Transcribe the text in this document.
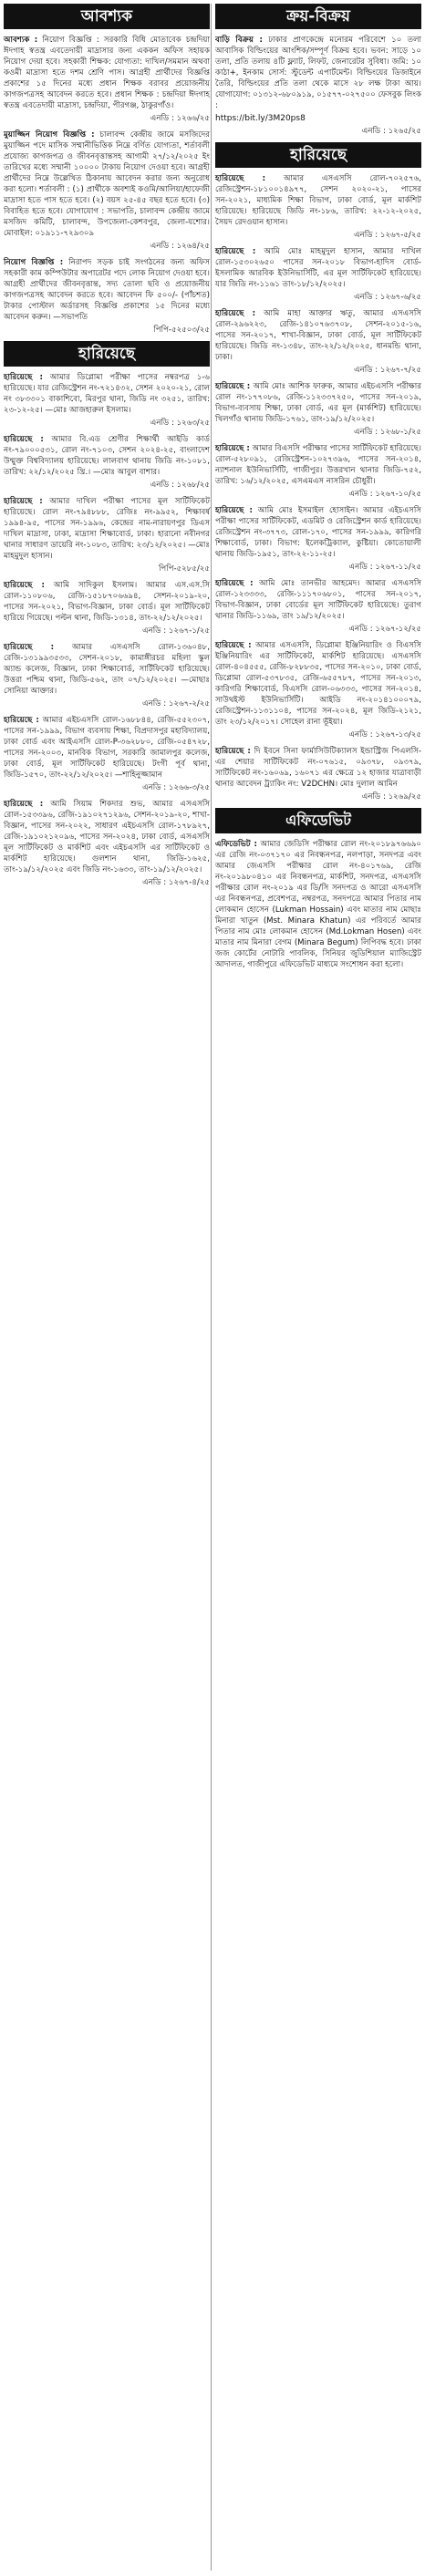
আবশ্যক

আবশ্যক : নিয়োগ বিজ্ঞপ্তি : সরকারি বিধি মোতাবেক চন্দ্রদিয়া ঈদগাহ স্বতন্ত্র এবতেদায়ী মাদ্রাসার জন্য এককন অফিস সহায়ক নিয়োগ দেয়া হবে। সহকারী শিক্ষক: যোগ্যতা: দাখিল/সমমান অথবা কওমী মাদ্রাসা হতে দশম শ্রেণি পাস। আগ্রহী প্রার্থীদের বিজ্ঞপ্তি প্রকাশের ১৫ দিনের মধ্যে প্রধান শিক্ষক বরাবর প্রয়োজনীয় কাগজপত্রসহ আবেদন করতে হবে। প্রধান শিক্ষক : চন্দ্রদিয়া ঈদগাহ স্বতন্ত্র এবতেদায়ী মাদ্রাসা, চন্দ্রদিয়া, পীরগঞ্জ, ঠাকুরগাঁও।

এনডি : ১২৬৬/২৫

মুয়াজ্জিন নিয়োগ বিজ্ঞপ্তি : চালাবন্দ কেন্দ্রীয় জামে মসজিদের মুয়াজ্জিন পদে মাসিক সম্মানীভিত্তিক নিম্নে বর্ণিত যোগ্যতা, শর্তাবলী প্রযোজ্য কাগজপত্র ও জীবনবৃত্তান্তসহ আগামী ২৭/১২/২০২৫ ইং তারিখের মধ্যে সম্মানী ১০০০০ টাকায় নিয়োগ দেওয়া হবে। আগ্রহী প্রার্থীদের নিম্নে উল্লেখিত ঠিকানায় আবেদন করার জন্য অনুরোধ করা হলো। শর্তাবলী : (১) প্রার্থীকে অবশ্যই কওমি/আলিয়া/হাফেজী মাদ্রাসা হতে পাস হতে হবে। (২) বয়স ২৫-৪৫ বছর হতে হবে। (৩) বিবাহিত হতে হবে। যোগাযোগ : সভাপতি, চালাবন্দ কেন্দ্রীয় জামে মসজিদ কমিটি, চালাবন্দ, উপজেলা-কেশবপুর, জেলা-যশোর। মোবাইল: ০১৯১১-৭২৯৩০৯

এনডি : ১২৬৪/২৫

নিয়োগ বিজ্ঞপ্তি : নিরাপদ সড়ক চাই সংগঠনের জন্য অফিস সহকারী কাম কম্পিউটার অপারেটর পদে লোক নিয়োগ দেওয়া হবে। আগ্রহী প্রার্থীদের জীবনবৃত্তান্ত, সদ্য তোলা ছবি ও প্রয়োজনীয় কাগজপত্রসহ আবেদন করতে হবে। আবেদন ফি ৫০০/- (পাঁচশত) টাকার পোস্টাল অর্ডারসহ বিজ্ঞপ্তি প্রকাশের ১৫ দিনের মধ্যে আবেদন করুন। —সভাপতি

পিপি-৫২৫০৩/২৫
হারিয়েছে

হারিয়েছে : আমার ডিপ্লোমা পরীক্ষা পাসের নম্বরপত্র ১-৬ হারিয়েছে। যার রেজিস্ট্রেশন নং-৭২১৪৩২, সেশন ২০২০-২১, রোল নং ৩৮৩৩০১ বাকাশিবো, মিরপুর থানা, জিডি নং ৩২৫১, তারিখ: ২৩-১২-২৫। —মোঃ আজহারুল ইসলাম।

এনডি : ১২৬৩/২৫

হারিয়েছে : আমার বি.এড শ্রেণীর শিক্ষার্থী আইডি কার্ড নং-৭৯০০০৫৩১, রোল নং-৭১০৩, সেশন ২০২৪-২৫, বাংলাদেশ উন্মুক্ত বিশ্ববিদ্যালয় হারিয়েছে। লালবাগ থানায় জিডি নং-১০৮১, তারিখ: ২২/১২/২০২৫ খ্রি.। —মোঃ আবুল বাশার।

এনডি : ১২৬৮/২৫

হারিয়েছে : আমার দাখিল পরীক্ষা পাসের মূল সার্টিফিকেট হারিয়েছে। রোল নং-৭৯৪৮৮৮, রেজিঃ নং-৯৯৫২, শিক্ষাবর্ষ ১৯৯৪-৯৫, পাসের সন-১৯৯৬, কেন্দ্রের নাম-নারায়ণপুর ডিএস দাখিল মাদ্রাসা, ঢাকা, মাদ্রাসা শিক্ষাবোর্ড, ঢাকা। হারানো নবীনগর থানার সাধারণ ডায়েরি নং-১০৮৩, তারিখ: ২৩/১২/২০২৫। —মোঃ মাহমুদুল হাসান।

পিপি-৫২৮৫/২৫

হারিয়েছে : আমি সাদিকুল ইসলাম। আমার এস.এস.সি রোল-১১০৮০৬, রেজি-১৫১৮৭০৬৬৯৪, সেশন-২০১৯-২০, পাসের সন-২০২১, বিভাগ-বিজ্ঞান, ঢাকা বোর্ড। মূল সার্টিফিকেট হারিয়ে গিয়েছে। পল্টন থানা, জিডি-১৩১৪, তাং-২২/১২/২০২৫।

এনডি : ১২৬৭-১/২৫

হারিয়েছে : আমার এসএসসি রোল-১৩৬০৪৮, রেজি-১৩১৯৯৩৫৩৩, সেশন-২০১৮, কামাঙ্গীরচর মহিলা স্কুল অ্যান্ড কলেজ, বিজ্ঞান, ঢাকা শিক্ষাবোর্ড, সার্টিফিকেট হারিয়েছে। উত্তরা পশ্চিম থানা, জিডি-৫৬২, তাং ০৭/১২/২০২৫। —মোছাঃ সোনিয়া আক্তার।

এনডি : ১২৬৭-২/২৫

হারিয়েছে : আমার এইচএসসি রোল-১৬৮৮৪৪, রেজি-৫৫২৩০৭, পাসের সন-১৯৯৯, বিভাগ ব্যবসায় শিক্ষা, বিপ্রদাসপুর মহাবিদ্যালয়, ঢাকা বোর্ড এবং আইএসসি রোল-P-৩৬২৮৮০, রেজি-০৫৪৭২৮, পাসের সন-২০০৩, মানবিক বিভাগ, সরকারি জামালপুর কলেজ, ঢাকা বোর্ড, মূল সার্টিফিকেট হারিয়েছে। টংগী পূর্ব থানা, জিডি-১৫৭০, তাং-২২/১২/২০২৫। —শাহিনুজ্জামান

এনডি : ১২৬৬-৩/২৫

হারিয়েছে : আমি সিয়াম শিকদার শুভ, আমার এসএসসি রোল-১৫৩৩৯৬, রেজি-১৯১০২৭১২৯৬, সেশন-২০১৯-২০, শাখা-বিজ্ঞান, পাসের সন-২০২২, সাধারণ এইচএসসি রোল-১৭৮৯২৭, রেজি-১৯১০২১২০৯৬, পাসের সন-২০২৪, ঢাকা বোর্ড, এসএসসি মূল সার্টিফিকেট ও মার্কশিট এবং এইচএসসি এর সার্টিফিকেট ও মার্কশিট হারিয়েছে। গুলশান থানা, জিডি-১৬২৫, তাং-১৯/১২/২০২৫ এবং জিডি নং-১৬৩৩, তাং-১৯/১২/২০২৫।

এনডি : ১২৬৭-৪/২৫
ক্রয়-বিক্রয়

বাড়ি বিক্রয় : ঢাকার প্রাণকেন্দ্রে মনোরম পরিবেশে ১০ তলা আবাসিক বিল্ডিংয়ের আংশিক/সম্পূর্ণ বিক্রয় হবে। ভবন: সাড়ে ১০ তলা, প্রতি তলায় ৪টি ফ্ল্যাট, লিফট, জেনারেটর সুবিধা। জমি: ১০ কাঠা+, ইনকাম সোর্স: স্টুডেন্ট এপার্টমেন্ট। বিল্ডিংয়ের ডিজাইনে তৈরি, বিল্ডিংয়ের প্রতি তলা থেকে মাসে ২৮ লক্ষ টাকা আয়। যোগাযোগ: ০১৩১২-৬৮০৯১৯, ০১৫৭৭-০২৭৫০০ ফেসবুক লিংক :

https://bit.ly/3M20ps8
এনডি : ১২৬৫/২৫
হারিয়েছে

হারিয়েছে : আমার এসএসসি রোল-৭০২৫৭৬, রেজিস্ট্রেশন-১৮১০০১৪৯৭৭, সেশন ২০২০-২১, পাসের সন-২০২১, মাধ্যমিক শিক্ষা বিভাগ, ঢাকা বোর্ড, মূল মার্কশিট হারিয়েছে। হারিয়েছে জিডি নং-১৮৬, তারিখ: ২২-১২-২০২৫, সৈয়দ রেদওয়ান হাসান।

এনডি : ১২৬৭-৫/২৫

হারিয়েছে : আমি মোঃ মাহমুদুল হাসান, আমার দাখিল রোল-১৫৩০২৬৫০ পাসের সন-২০১৮ বিভাগ-হাদিস বোর্ড-ইসলামিক আরবিক ইউনিভার্সিটি, এর মূল সার্টিফিকেট হারিয়েছে। যার জিডি নং-১১৬১ তাং-১৮/১২/২০২৫।

এনডি : ১২৬৭-৬/২৫

হারিয়েছে : আমি মাহা আক্তার ঋতু, আমার এসএসসি রোল-২৯৬২২৩, রেজি-১৪১০৭৬৩৭০৮, সেশন-২০১৫-১৬, পাসের সন-২০১৭, শাখা-বিজ্ঞান, ঢাকা বোর্ড, মূল সার্টিফিকেট হারিয়েছে। জিডি নং-১৩৪৮, তাং-২২/১২/২০২৫, ধানমন্ডি থানা, ঢাকা।

এনডি : ১২৬৭-৭/২৫

হারিয়েছে : আমি মোঃ আশিক ফারুক, আমার এইচএসসি পরীক্ষার রোল নং-১৭৭০৮৬, রেজি-১১২৩৩৭২৫০, পাসের সন-২০১৯, বিভাগ-ব্যবসায় শিক্ষা, ঢাকা বোর্ড, এর মূল (মার্কশিট) হারিয়েছে। খিলগাঁও থানায় জিডি-১৭৬১, তাং-১৯/১২/২০২৫।

এনডি : ১২৬৮-১/২৫

হারিয়েছে : আমার বিএসসি পরীক্ষার পাসের সার্টিফিকেট হারিয়েছে। রোল-৫২৮০৯১, রেজিস্ট্রেশন-১০২৭৩৯৬, পাসের সন-২০১৪, ন্যাশনাল ইউনিভার্সিটি, গাজীপুর। উত্তরখান থানার জিডি-৭৫২, তারিখ: ১৬/১২/২০২৫, এসএমএস নাসরিন চৌধুরী।

এনডি : ১২৬৭-১০/২৫

হারিয়েছে : আমি মোঃ ইসমাইল হোসাইন। আমার এইচএসসি পরীক্ষা পাসের সার্টিফিকেট, এডমিট ও রেজিস্ট্রেশন কার্ড হারিয়েছে। রেজিস্ট্রেশন নং-৩৭৭৩, রোল-১৭০, পাসের সন-১৯৯৯, কারিগরি শিক্ষাবোর্ড, ঢাকা। বিভাগ: ইলেকট্রিক্যাল, কুষ্টিয়া। কোতোয়ালী থানায় জিডি-১৯৫১, তাং-২২-১১-২৫।

এনডি : ১২৬৭-১১/২৫

হারিয়েছে : আমি মোঃ তানভীর আহমেদ। আমার এসএসসি রোল-১২৩৩৩৩, রেজি-১১১৭০৬৮০১, পাসের সন-২০১৭, বিভাগ-বিজ্ঞান, ঢাকা বোর্ডের মূল সার্টিফিকেট হারিয়েছে। তুরাগ থানার জিডি-১১৬৯, তাং ১৯/১২/২০২৫।

এনডি : ১২৬৭-১২/২৫

হারিয়েছে : আমার এসএসসি, ডিপ্লোমা ইঞ্জিনিয়ারিং ও বিএসসি ইঞ্জিনিয়ারিং এর সার্টিফিকেট, মার্কশিট হারিয়েছে। এসএসসি রোল-৪০৪৫৫৫, রেজি-৮২৮৮৩৫, পাসের সন-২০১০, ঢাকা বোর্ড, ডিপ্লোমা রোল-৫৩৭৮৩৫, রেজি-৬৫৫৭৮৭, পাসের সন-২০১৩, কারিগরি শিক্ষাবোর্ড, বিএসসি রোল-০৬৩৩৩, পাসের সন-২০১৪, সাউথইস্ট ইউনিভার্সিটি। আইডি নং-২০১৪১০০০৭৯, রেজিস্ট্রেশন-১১৩১১০৪, পাসের সন-২০২৪, মূল জিডি-২১২১, তাং ২৩/১২/২০১৭। সোহেল রানা ভূঁইয়া।

এনডি : ১২৬৭-১৩/২৫

হারিয়েছে : দি ইবনে সিনা ফার্মাসিউটিক্যালস ইন্ডাস্ট্রিজ পিএলসি-এর শেয়ার সার্টিফিকেট নং-০৭৬১৫, ০৯৩৭৮, ০৯৩৭৯, সার্টিফিকেট নং-১৬০৬৯, ১৬০৭১ এর ক্ষেত্রে ১২ হাজার যাত্রাবাড়ী থানার আবেদন ট্র্যাকিং নং: V2DCHN। মোঃ দুলাল আমিন

এনডি : ১২৬৯/২৫
এফিডেভিট

এফিডেভিট : আমার জেডিসি পরীক্ষার রোল নং-২০১৮৯৭৬৬৯০ এর রেজি নং-০৩৭১৭০ এর নিবন্ধনপত্র, নলপাড়া, সনদপত্র এবং আমার জেএসসি পরীক্ষার রোল নং-৪০১৭৬৯, রেজি নং-২০১৯৮০৪১০ এর নিবন্ধনপত্র, মার্কশিট, সনদপত্র, এসএসসি পরীক্ষার রোল নং-২০১৯ এর ডি/সি সনদপত্র ও আরো এসএসসি এর নিবন্ধনপত্র, প্রবেশপত্র, নম্বরপত্র, সনদপত্রে আমার পিতার নাম লোকমান হোসেন (Lukman Hossain) এবং মাতার নাম মোছাঃ মিনারা খাতুন (Mst. Minara Khatun) এর পরিবর্তে আমার পিতার নাম মোঃ লোকমান হোসেন (Md.Lokman Hosen) এবং মাতার নাম মিনারা বেগম (Minara Begum) লিপিবদ্ধ হবে। ঢাকা জজ কোর্টের নোটারি পাবলিক, সিনিয়র জুডিশিয়াল ম্যাজিস্ট্রেট আদালত, গাজীপুরে এফিডেভিট মাধ্যমে সংশোধন করা হলো।
